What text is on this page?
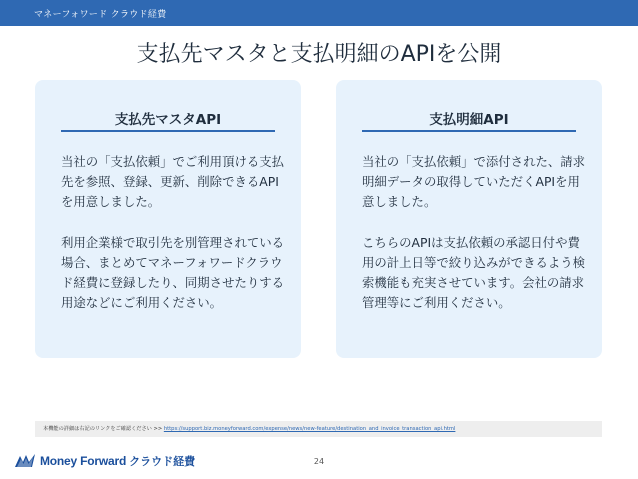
マネーフォワード クラウド経費
支払先マスタと支払明細のAPIを公開
支払先マスタAPI
当社の「支払依頼」でご利用頂ける支払先を参照、登録、更新、削除できるAPIを用意しました。
利用企業様で取引先を別管理されている場合、まとめてマネーフォワードクラウド経費に登録したり、同期させたりする用途などにご利用ください。
支払明細API
当社の「支払依頼」で添付された、請求明細データの取得していただくAPIを用意しました。
こちらのAPIは支払依頼の承認日付や費用の計上日等で絞り込みができるよう検索機能も充実させています。会社の請求管理等にご利用ください。
本機能の詳細は右記のリンクをご確認ください >> https://support.biz.moneyforward.com/expense/news/new-feature/destination_and_invoice_transaction_api.html
Money Forward クラウド経費	24
